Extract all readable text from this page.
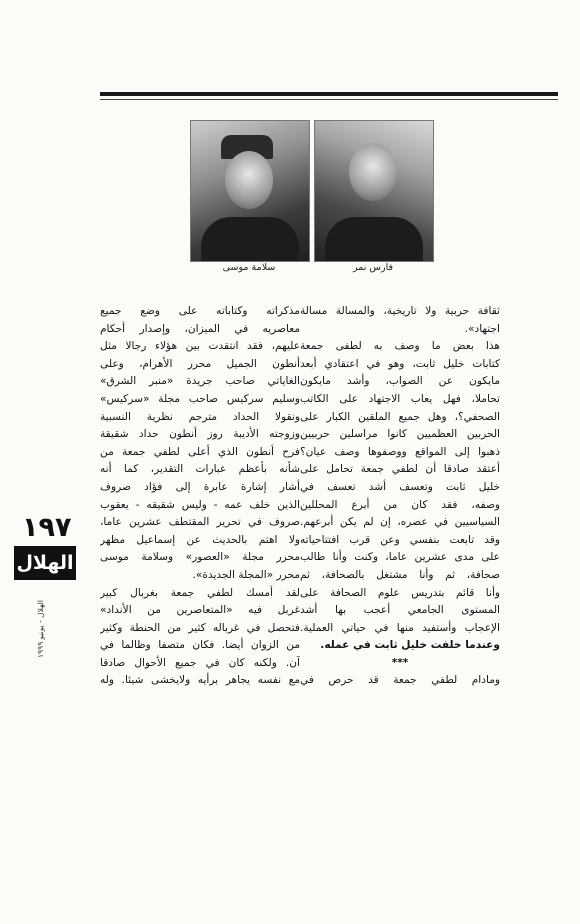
سلامة موسى	فارس نمر
ثقافة حربية ولا تاريخية، والمسالة مسالة
اجتهاد».
هذا بعض ما وصف به لطفى جمعة
كتابات خليل ثابت، وهو في اعتقادي أبعد
مايكون عن الصواب، وأشد مايكون
تحاملا، فهل يعاب الاجتهاد على الكاتب
الصحفي؟، وهل جميع الملقين الكبار على
الحربين العظميين كانوا مراسلين حربيين
ذهبوا إلى المواقع ووصفوها وصف عيان؟
أعتقد صادقا أن لطفي جمعة تحامل على
خليل ثابت وتعسف أشد تعسف في
وصفه، فقد كان من أبرع المحللين
السياسيين في عصره، إن لم يكن أبرعهم.
وقد تابعت بنفسي وعن قرب افتتاحياته
على مدى عشرين عاما، وكنت وأنا طالب
صحافة، ثم وأنا مشتغل بالصحافة، ثم
وأنا قائم بتدريس علوم الصحافة على
المستوى الجامعي أعجب بها أشد
الإعجاب وأستفيد منها في حياتي العملية.
وعندما خلفت خليل ثابت في عمله.
***
ومادام لطفي جمعة قد حرص في
مذكراته وكتاباته على وضع جميع
معاصريه في الميزان، وإصدار أحكام
عليهم، فقد انتقدت بين هؤلاء رجالا مثل
أنطون الجميل محرر الأهرام، وعلى
الغاياتي صاحب جريدة «منبر الشرق»
وسليم سركيس صاحب مجلة «سركيس»
ونقولا الحداد مترجم نظرية النسبية
وزوجته الأديبة روز أنطون حداد شقيقة
فرح أنطون الذي أعلى لطفي جمعة من
شأنه بأعظم عبارات التقدير، كما أنه
أشار إشارة عابرة إلى فؤاد صروف
الذين خلف عمه - وليس شقيقه - يعقوب
صروف في تحرير المقتطف عشرين عاما،
ولا اهتم بالحديث عن إسماعيل مظهر
محرر مجلة «العصور» وسلامة موسى
محرر «المجلة الجديدة».
لقد أمسك لطفي جمعة بغربال كبير
غربل فيه «المتعاصرين من الأنداد»
فتحصل في غرباله كثير من الحنطة وكثير
من الزوان أيضا. فكان متصفا وظالما في
آن. ولكنه كان في جميع الأحوال صادقا
مع نفسه يجاهر برأيه ولايخشى شيئا. وله
١٩٧
الهلال
الهلال - يونيو ١٩٩٩
